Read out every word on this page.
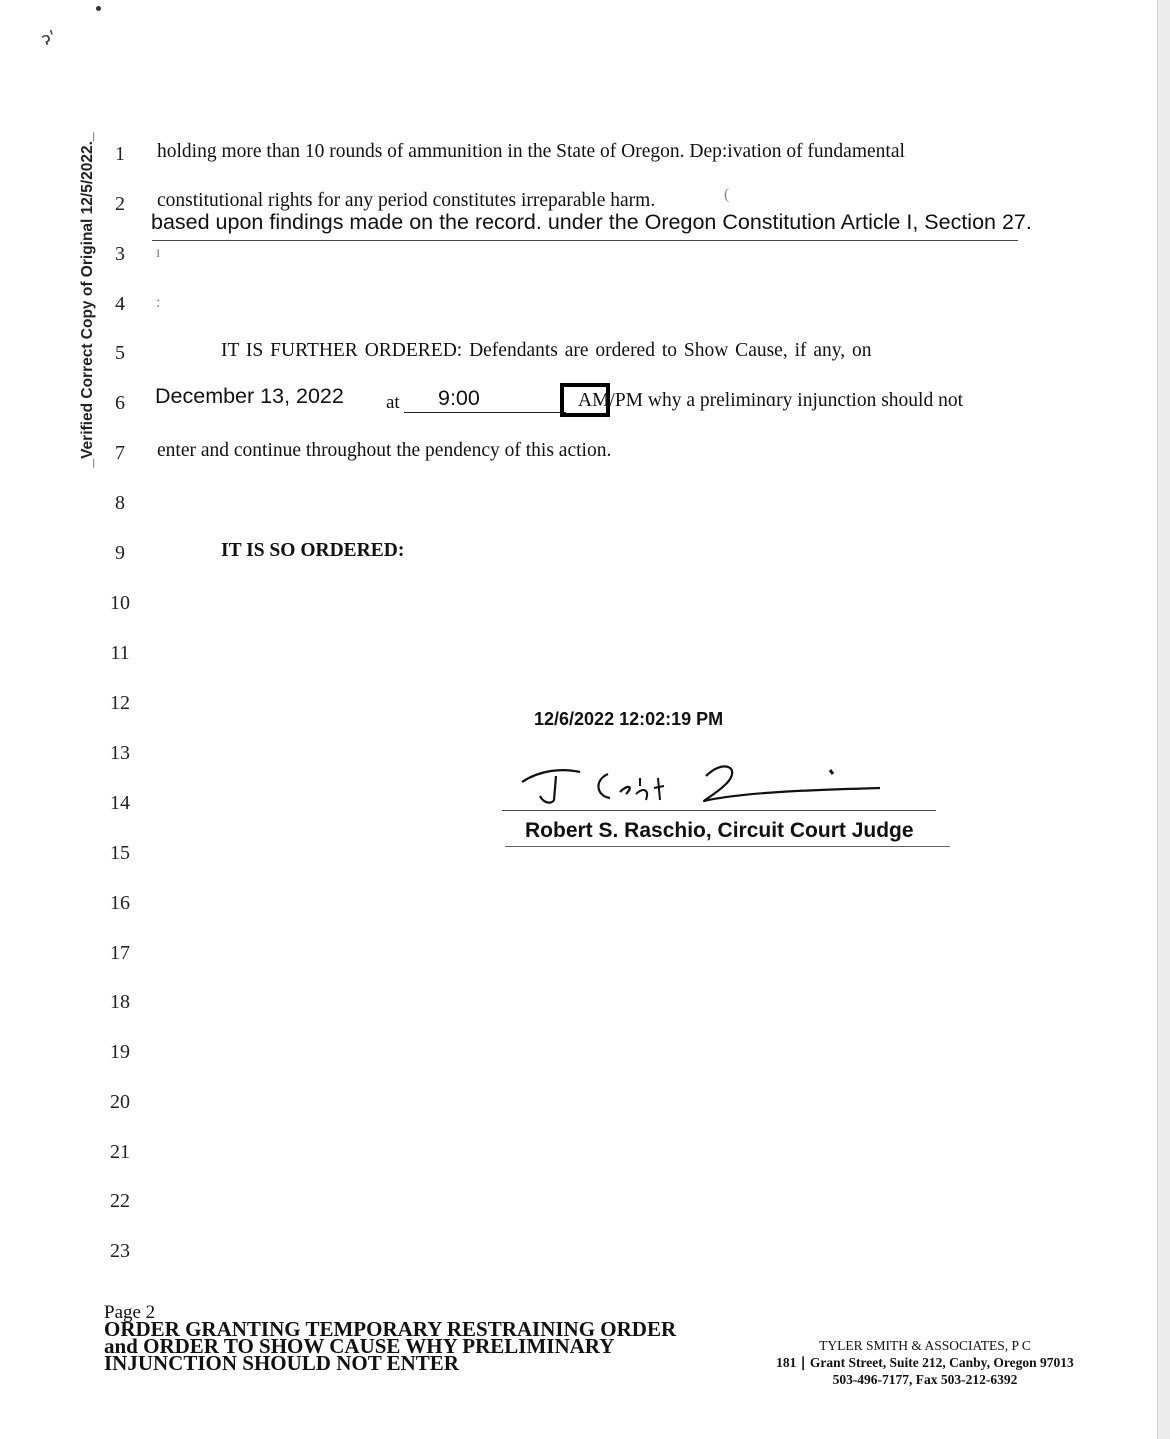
ɂ'
_Verified Correct Copy of Original 12/5/2022._ 1
2
3
4
5
6
7
8
9
10
11
12
13
14
15
16
17
18
19
20
21
22
23
holding more than 10 rounds of ammunition in the State of Oregon. Dep:ivation of fundamental
constitutional rights for any period constitutes irreparable harm.	(
based upon findings made on the record. under the Oregon Constitution Article I, Section 27.
ı
:
IT IS FURTHER ORDERED: Defendants are ordered to Show Cause, if any, on
December 13, 2022 at 9:00	AM/PM why a preliminɑry injunction should not
enter and continue throughout the pendency of this action.
IT IS SO ORDERED:
12/6/2022 12:02:19 PM
Robert S. Raschio, Circuit Court Judge
Page 2
ORDER GRANTING TEMPORARY RESTRAINING ORDER
and ORDER TO SHOW CAUSE WHY PRELIMINARY
INJUNCTION SHOULD NOT ENTER
TYLER SMITH & ASSOCIATES, P C
181 ∣ Grant Street, Suite 212, Canby, Oregon 97013
503-496-7177, Fax 503-212-6392
